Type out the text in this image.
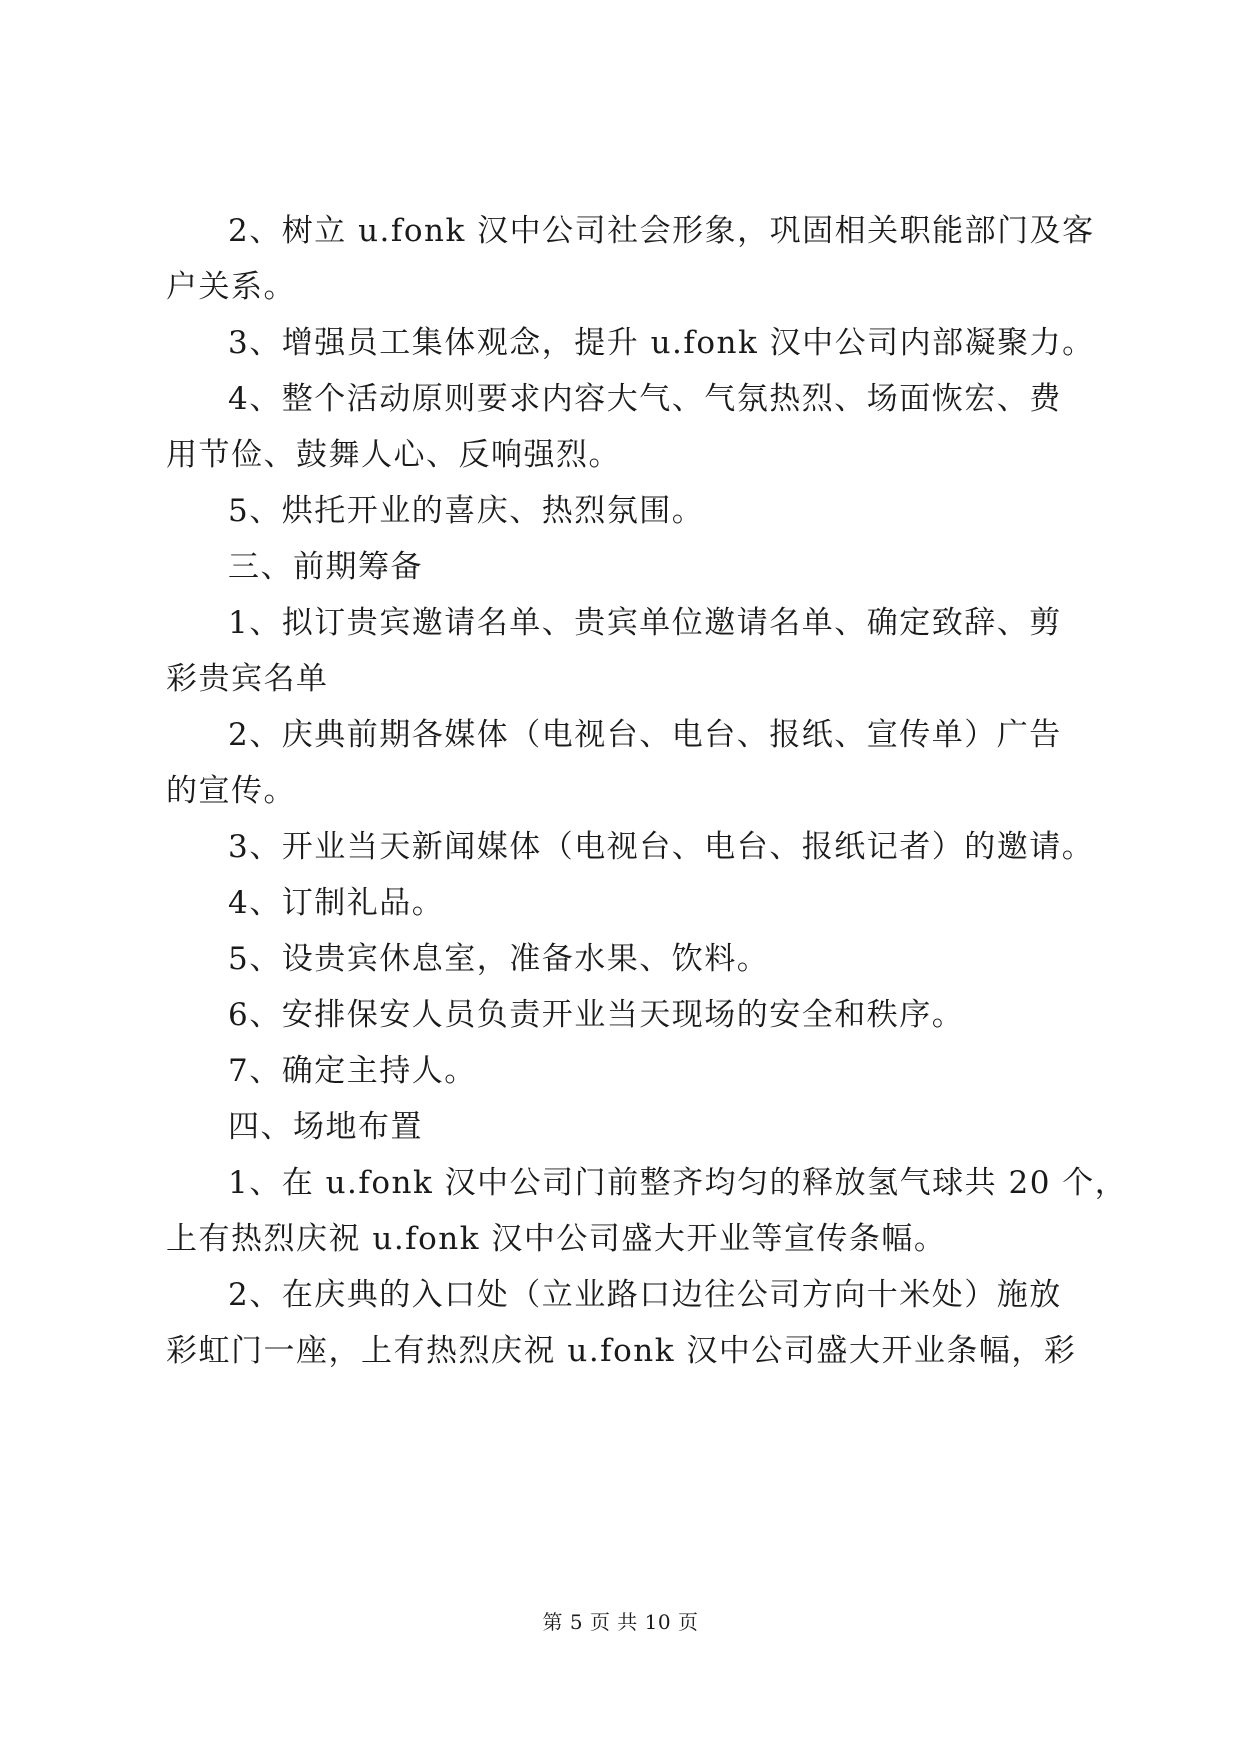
2、树立 u.fonk 汉中公司社会形象，巩固相关职能部门及客
户关系。
3、增强员工集体观念，提升 u.fonk 汉中公司内部凝聚力。
4、整个活动原则要求内容大气、气氛热烈、场面恢宏、费
用节俭、鼓舞人心、反响强烈。
5、烘托开业的喜庆、热烈氛围。
三、前期筹备
1、拟订贵宾邀请名单、贵宾单位邀请名单、确定致辞、剪
彩贵宾名单
2、庆典前期各媒体（电视台、电台、报纸、宣传单）广告
的宣传。
3、开业当天新闻媒体（电视台、电台、报纸记者）的邀请。
4、订制礼品。
5、设贵宾休息室，准备水果、饮料。
6、安排保安人员负责开业当天现场的安全和秩序。
7、确定主持人。
四、场地布置
1、在 u.fonk 汉中公司门前整齐均匀的释放氢气球共 20 个，
上有热烈庆祝 u.fonk 汉中公司盛大开业等宣传条幅。
2、在庆典的入口处（立业路口边往公司方向十米处）施放
彩虹门一座，上有热烈庆祝 u.fonk 汉中公司盛大开业条幅，彩
第 5 页 共 10 页
